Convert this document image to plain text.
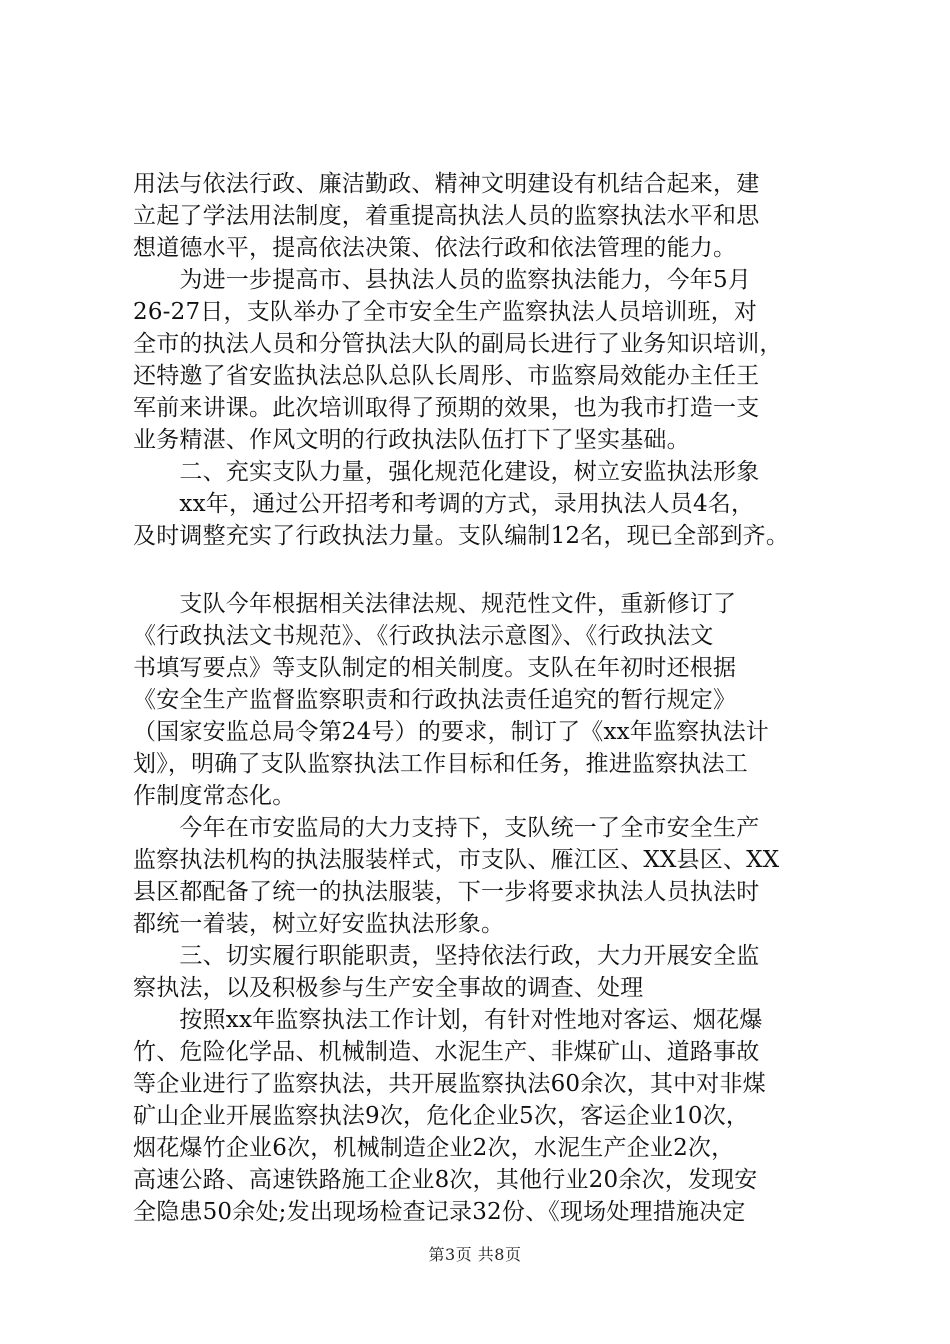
用法与依法行政、廉洁勤政、精神文明建设有机结合起来，建
立起了学法用法制度，着重提高执法人员的监察执法水平和思
想道德水平，提高依法决策、依法行政和依法管理的能力。
　　为进一步提高市、县执法人员的监察执法能力，今年5月
26-27日，支队举办了全市安全生产监察执法人员培训班，对
全市的执法人员和分管执法大队的副局长进行了业务知识培训，
还特邀了省安监执法总队总队长周彤、市监察局效能办主任王
军前来讲课。此次培训取得了预期的效果，也为我市打造一支
业务精湛、作风文明的行政执法队伍打下了坚实基础。
　　二、充实支队力量，强化规范化建设，树立安监执法形象
　　xx年，通过公开招考和考调的方式，录用执法人员4名，
及时调整充实了行政执法力量。支队编制12名，现已全部到齐。
　　支队今年根据相关法律法规、规范性文件，重新修订了
《行政执法文书规范》、《行政执法示意图》、《行政执法文
书填写要点》等支队制定的相关制度。支队在年初时还根据
《安全生产监督监察职责和行政执法责任追究的暂行规定》
（国家安监总局令第24号）的要求，制订了《xx年监察执法计
划》，明确了支队监察执法工作目标和任务，推进监察执法工
作制度常态化。
　　今年在市安监局的大力支持下，支队统一了全市安全生产
监察执法机构的执法服装样式，市支队、雁江区、XX县区、XX
县区都配备了统一的执法服装，下一步将要求执法人员执法时
都统一着装，树立好安监执法形象。
　　三、切实履行职能职责，坚持依法行政，大力开展安全监
察执法，以及积极参与生产安全事故的调查、处理
　　按照xx年监察执法工作计划，有针对性地对客运、烟花爆
竹、危险化学品、机械制造、水泥生产、非煤矿山、道路事故
等企业进行了监察执法，共开展监察执法60余次，其中对非煤
矿山企业开展监察执法9次，危化企业5次，客运企业10次，
烟花爆竹企业6次，机械制造企业2次，水泥生产企业2次，
高速公路、高速铁路施工企业8次，其他行业20余次，发现安
全隐患50余处;发出现场检查记录32份、《现场处理措施决定
第3页 共8页
